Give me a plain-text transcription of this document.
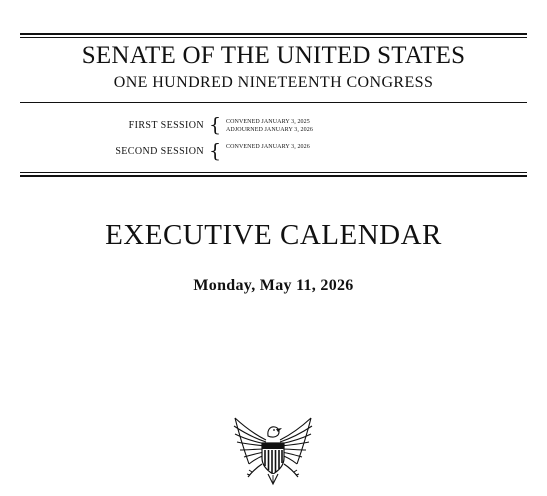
SENATE OF THE UNITED STATES
ONE HUNDRED NINETEENTH CONGRESS
FIRST SESSION { CONVENED JANUARY 3, 2025
ADJOURNED JANUARY 3, 2026
SECOND SESSION { CONVENED JANUARY 3, 2026
EXECUTIVE CALENDAR
Monday, May 11, 2026
